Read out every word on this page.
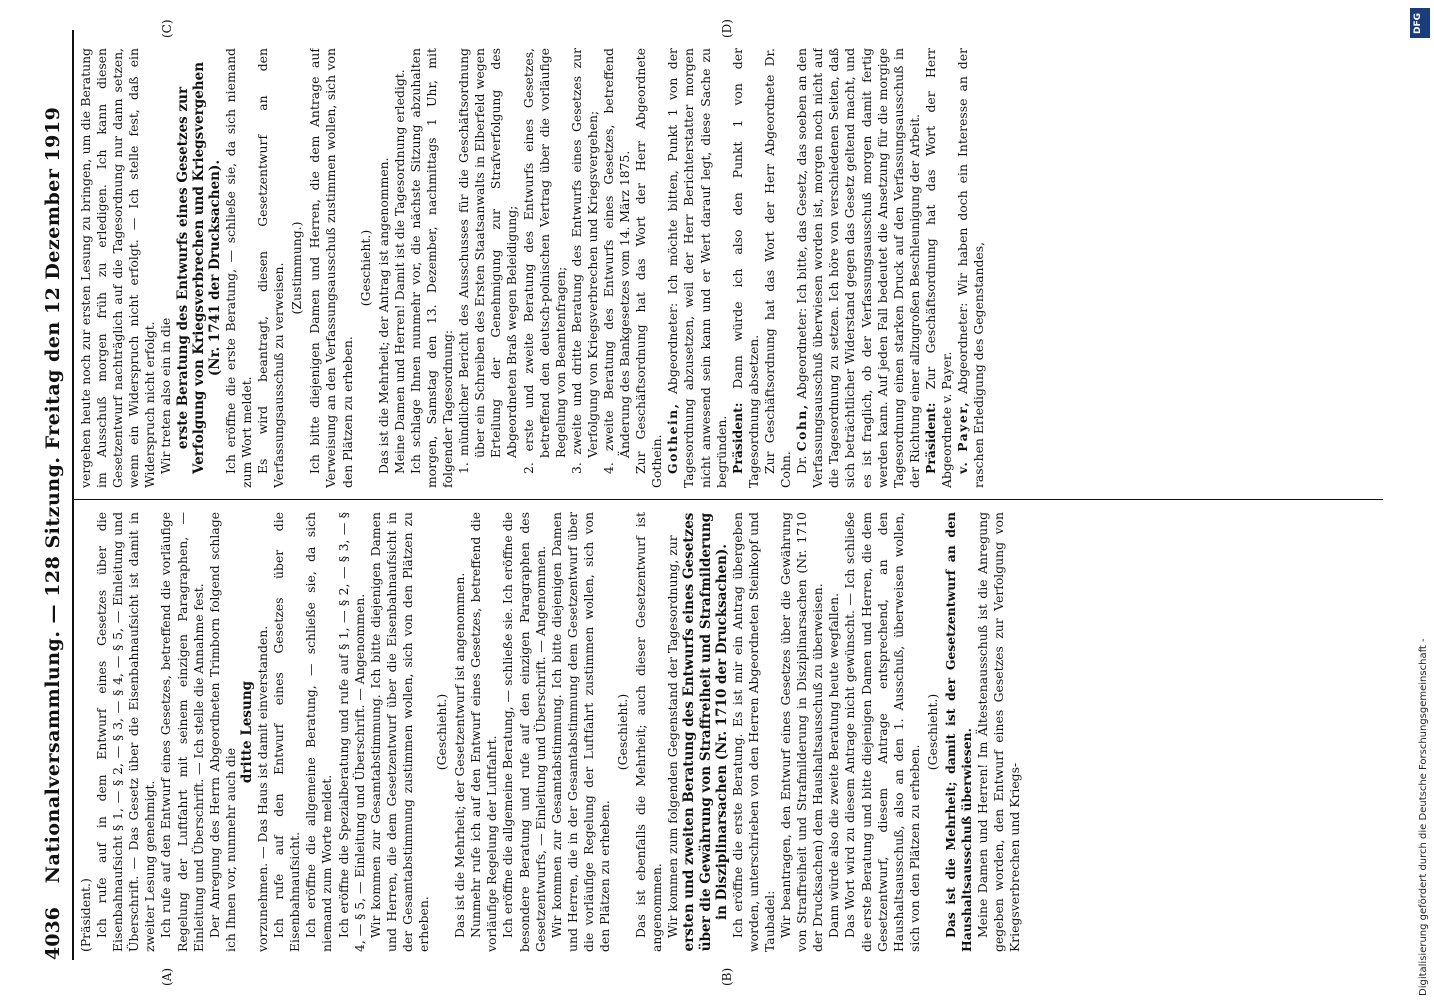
4036
Nationalversammlung. — 128 Sitzung. Freitag den 12 Dezember 1919
(A)	(B)
(C)	(D)

(Präsident.) Ich rufe auf in dem Entwurf eines Gesetzes über die Eisenbahnaufsicht § 1, — § 2, — § 3, — § 4, — § 5, — Einleitung und Überschrift. — Das Gesetz über die Eisenbahnaufsicht ist damit in zweiter Lesung genehmigt. Ich rufe auf den Entwurf eines Gesetzes, betreffend die vorläufige Regelung der Luftfahrt mit seinem einzigen Paragraphen, — Einleitung und Überschrift. — Ich stelle die Annahme fest. Der Anregung des Herrn Abgeordneten Trimborn folgend schlage ich Ihnen vor, nunmehr auch die

dritte Lesung vorzunehmen. — Das Haus ist damit einverstanden. Ich rufe auf den Entwurf eines Gesetzes über die Eisenbahnaufsicht. Ich eröffne die allgemeine Beratung, — schließe sie, da sich niemand zum Worte meldet. Ich eröffne die Spezialberatung und rufe auf § 1, — § 2, — § 3, — § 4, — § 5, — Einleitung und Überschrift. — Angenommen. Wir kommen zur Gesamtabstimmung. Ich bitte diejenigen Damen und Herren, die dem Gesetzentwurf über die Eisenbahnaufsicht in der Gesamtabstimmung zustimmen wollen, sich von den Plätzen zu erheben.

(Geschieht.) Das ist die Mehrheit; der Gesetzentwurf ist angenommen. Nunmehr rufe ich auf den Entwurf eines Gesetzes, betreffend die vorläufige Regelung der Luftfahrt. Ich eröffne die allgemeine Beratung, — schließe sie. Ich eröffne die besondere Beratung und rufe auf den einzigen Paragraphen des Gesetzentwurfs, — Einleitung und Überschrift. — Angenommen. Wir kommen zur Gesamtabstimmung. Ich bitte diejenigen Damen und Herren, die in der Gesamtabstimmung dem Gesetzentwurf über die vorläufige Regelung der Luftfahrt zustimmen wollen, sich von den Plätzen zu erheben.

(Geschieht.) Das ist ebenfalls die Mehrheit; auch dieser Gesetzentwurf ist angenommen. Wir kommen zum folgenden Gegenstand der Tagesordnung, zur ersten und zweiten Beratung des Entwurfs eines Gesetzes über die Gewährung von Straffreiheit und Strafmilderung in Disziplinarsachen (Nr. 1710 der Drucksachen). Ich eröffne die erste Beratung. Es ist mir ein Antrag übergeben worden, unterschrieben von den Herren Abgeordneten Steinkopf und Taubadel: Wir beantragen, den Entwurf eines Gesetzes über die Gewährung von Straffreiheit und Strafmilderung in Disziplinarsachen (Nr. 1710 der Drucksachen) dem Haushaltsausschuß zu überweisen. Dann würde also die zweite Beratung heute wegfallen. Das Wort wird zu diesem Antrage nicht gewünscht. — Ich schließe die erste Beratung und bitte diejenigen Damen und Herren, die dem Gesetzentwurf, diesem Antrage entsprechend, an den Haushaltsausschuß, also an den 1. Ausschuß, überweisen wollen, sich von den Plätzen zu erheben.

(Geschieht.) Das ist die Mehrheit; damit ist der Gesetzentwurf an den Haushaltsausschuß überwiesen. Meine Damen und Herren! Im Ältestenausschuß ist die Anregung gegeben worden, den Entwurf eines Gesetzes zur Verfolgung von Kriegsverbrechen und Kriegs-

vergehen heute noch zur ersten Lesung zu bringen, um die Beratung im Ausschuß morgen früh zu erledigen. Ich kann diesen Gesetzentwurf nachträglich auf die Tagesordnung nur dann setzen, wenn ein Widerspruch nicht erfolgt. — Ich stelle fest, daß ein Widerspruch nicht erfolgt. Wir treten also ein in die erste Beratung des Entwurfs eines Gesetzes zur Verfolgung von Kriegsverbrechen und Kriegsvergehen (Nr. 1741 der Drucksachen). Ich eröffne die erste Beratung, — schließe sie, da sich niemand zum Wort meldet. Es wird beantragt, diesen Gesetzentwurf an den Verfassungsausschuß zu verweisen. (Zustimmung.) Ich bitte diejenigen Damen und Herren, die dem Antrage auf Verweisung an den Verfassungsausschuß zustimmen wollen, sich von den Plätzen zu erheben.

(Geschieht.) Das ist die Mehrheit; der Antrag ist angenommen. Meine Damen und Herren! Damit ist die Tagesordnung erledigt. Ich schlage Ihnen nunmehr vor, die nächste Sitzung abzuhalten morgen, Samstag den 13. Dezember, nachmittags 1 Uhr, mit folgender Tagesordnung: 1. mündlicher Bericht des Ausschusses für die Geschäftsordnung über ein Schreiben des Ersten Staatsanwalts in Elberfeld wegen Erteilung der Genehmigung zur Strafverfolgung des Abgeordneten Braß wegen Beleidigung; 2. erste und zweite Beratung des Entwurfs eines Gesetzes, betreffend den deutsch-polnischen Vertrag über die vorläufige Regelung von Beamtenfragen; 3. zweite und dritte Beratung des Entwurfs eines Gesetzes zur Verfolgung von Kriegsverbrechen und Kriegsvergehen; 4. zweite Beratung des Entwurfs eines Gesetzes, betreffend Änderung des Bankgesetzes vom 14. März 1875. Zur Geschäftsordnung hat das Wort der Herr Abgeordnete Gothein. Gothein, Abgeordneter: Ich möchte bitten, Punkt 1 von der Tagesordnung abzusetzen, weil der Herr Berichterstatter morgen nicht anwesend sein kann und er Wert darauf legt, diese Sache zu begründen. Präsident: Dann würde ich also den Punkt 1 von der Tagesordnung absetzen. Zur Geschäftsordnung hat das Wort der Herr Abgeordnete Dr. Cohn. Dr. Cohn, Abgeordneter: Ich bitte, das Gesetz, das soeben an den Verfassungsausschuß überwiesen worden ist, morgen noch nicht auf die Tagesordnung zu setzen. Ich höre von verschiedenen Seiten, daß sich beträchtlicher Widerstand gegen das Gesetz geltend macht, und es ist fraglich, ob der Verfassungsausschuß morgen damit fertig werden kann. Auf jeden Fall bedeutet die Ansetzung für die morgige Tagesordnung einen starken Druck auf den Verfassungsausschuß in der Richtung einer allzugroßen Beschleunigung der Arbeit. Präsident: Zur Geschäftsordnung hat das Wort der Herr Abgeordnete v. Payer. v. Payer, Abgeordneter: Wir haben doch ein Interesse an der raschen Erledigung des Gegenstandes,

Digitalisierung gefördert durch die Deutsche Forschungsgemeinschaft -
DFG
